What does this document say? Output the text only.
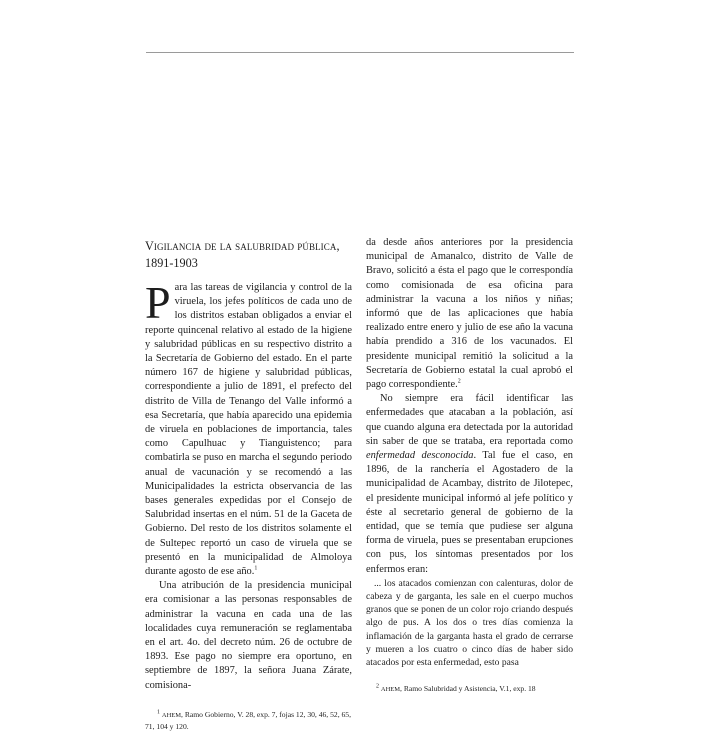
Vigilancia de la salubridad pública, 1891-1903

Para las tareas de vigilancia y control de la viruela, los jefes políticos de cada uno de los distritos estaban obligados a enviar el reporte quincenal relativo al estado de la higiene y salubridad públicas en su respectivo distrito a la Secretaría de Gobierno del estado. En el parte número 167 de higiene y salubridad públicas, correspondiente a julio de 1891, el prefecto del distrito de Villa de Tenango del Valle informó a esa Secretaría, que había aparecido una epidemia de viruela en poblaciones de importancia, tales como Capulhuac y Tianguistenco; para combatirla se puso en marcha el segundo periodo anual de vacunación y se recomendó a las Municipalidades la estricta observancia de las bases generales expedidas por el Consejo de Salubridad insertas en el núm. 51 de la Gaceta de Gobierno. Del resto de los distritos solamente el de Sultepec reportó un caso de viruela que se presentó en la municipalidad de Almoloya durante agosto de ese año.$^1$

Una atribución de la presidencia municipal era comisionar a las personas responsables de administrar la vacuna en cada una de las localidades cuya remuneración se reglamentaba en el art. 4o. del decreto núm. 26 de octubre de 1893. Ese pago no siempre era oportuno, en septiembre de 1897, la señora Juana Zárate, comisiona-

$^1$ AHEM, Ramo Gobierno, V. 28, exp. 7, fojas 12, 30, 46, 52, 65, 71, 104 y 120.

da desde años anteriores por la presidencia municipal de Amanalco, distrito de Valle de Bravo, solicitó a ésta el pago que le correspondía como comisionada de esa oficina para administrar la vacuna a los niños y niñas; informó que de las aplicaciones que había realizado entre enero y julio de ese año la vacuna había prendido a 316 de los vacunados. El presidente municipal remitió la solicitud a la Secretaría de Gobierno estatal la cual aprobó el pago correspondiente.$^2$

No siempre era fácil identificar las enfermedades que atacaban a la población, así que cuando alguna era detectada por la autoridad sin saber de que se trataba, era reportada como enfermedad desconocida. Tal fue el caso, en 1896, de la ranchería el Agostadero de la municipalidad de Acambay, distrito de Jilotepec, el presidente municipal informó al jefe político y éste al secretario general de gobierno de la entidad, que se temía que pudiese ser alguna forma de viruela, pues se presentaban erupciones con pus, los síntomas presentados por los enfermos eran:

... los atacados comienzan con calenturas, dolor de cabeza y de garganta, les sale en el cuerpo muchos granos que se ponen de un color rojo criando después algo de pus. A los dos o tres días comienza la inflamación de la garganta hasta el grado de cerrarse y mueren a los cuatro o cinco días de haber sido atacados por esta enfermedad, esto pasa

$^2$ AHEM, Ramo Salubridad y Asistencia, V.1, exp. 18
